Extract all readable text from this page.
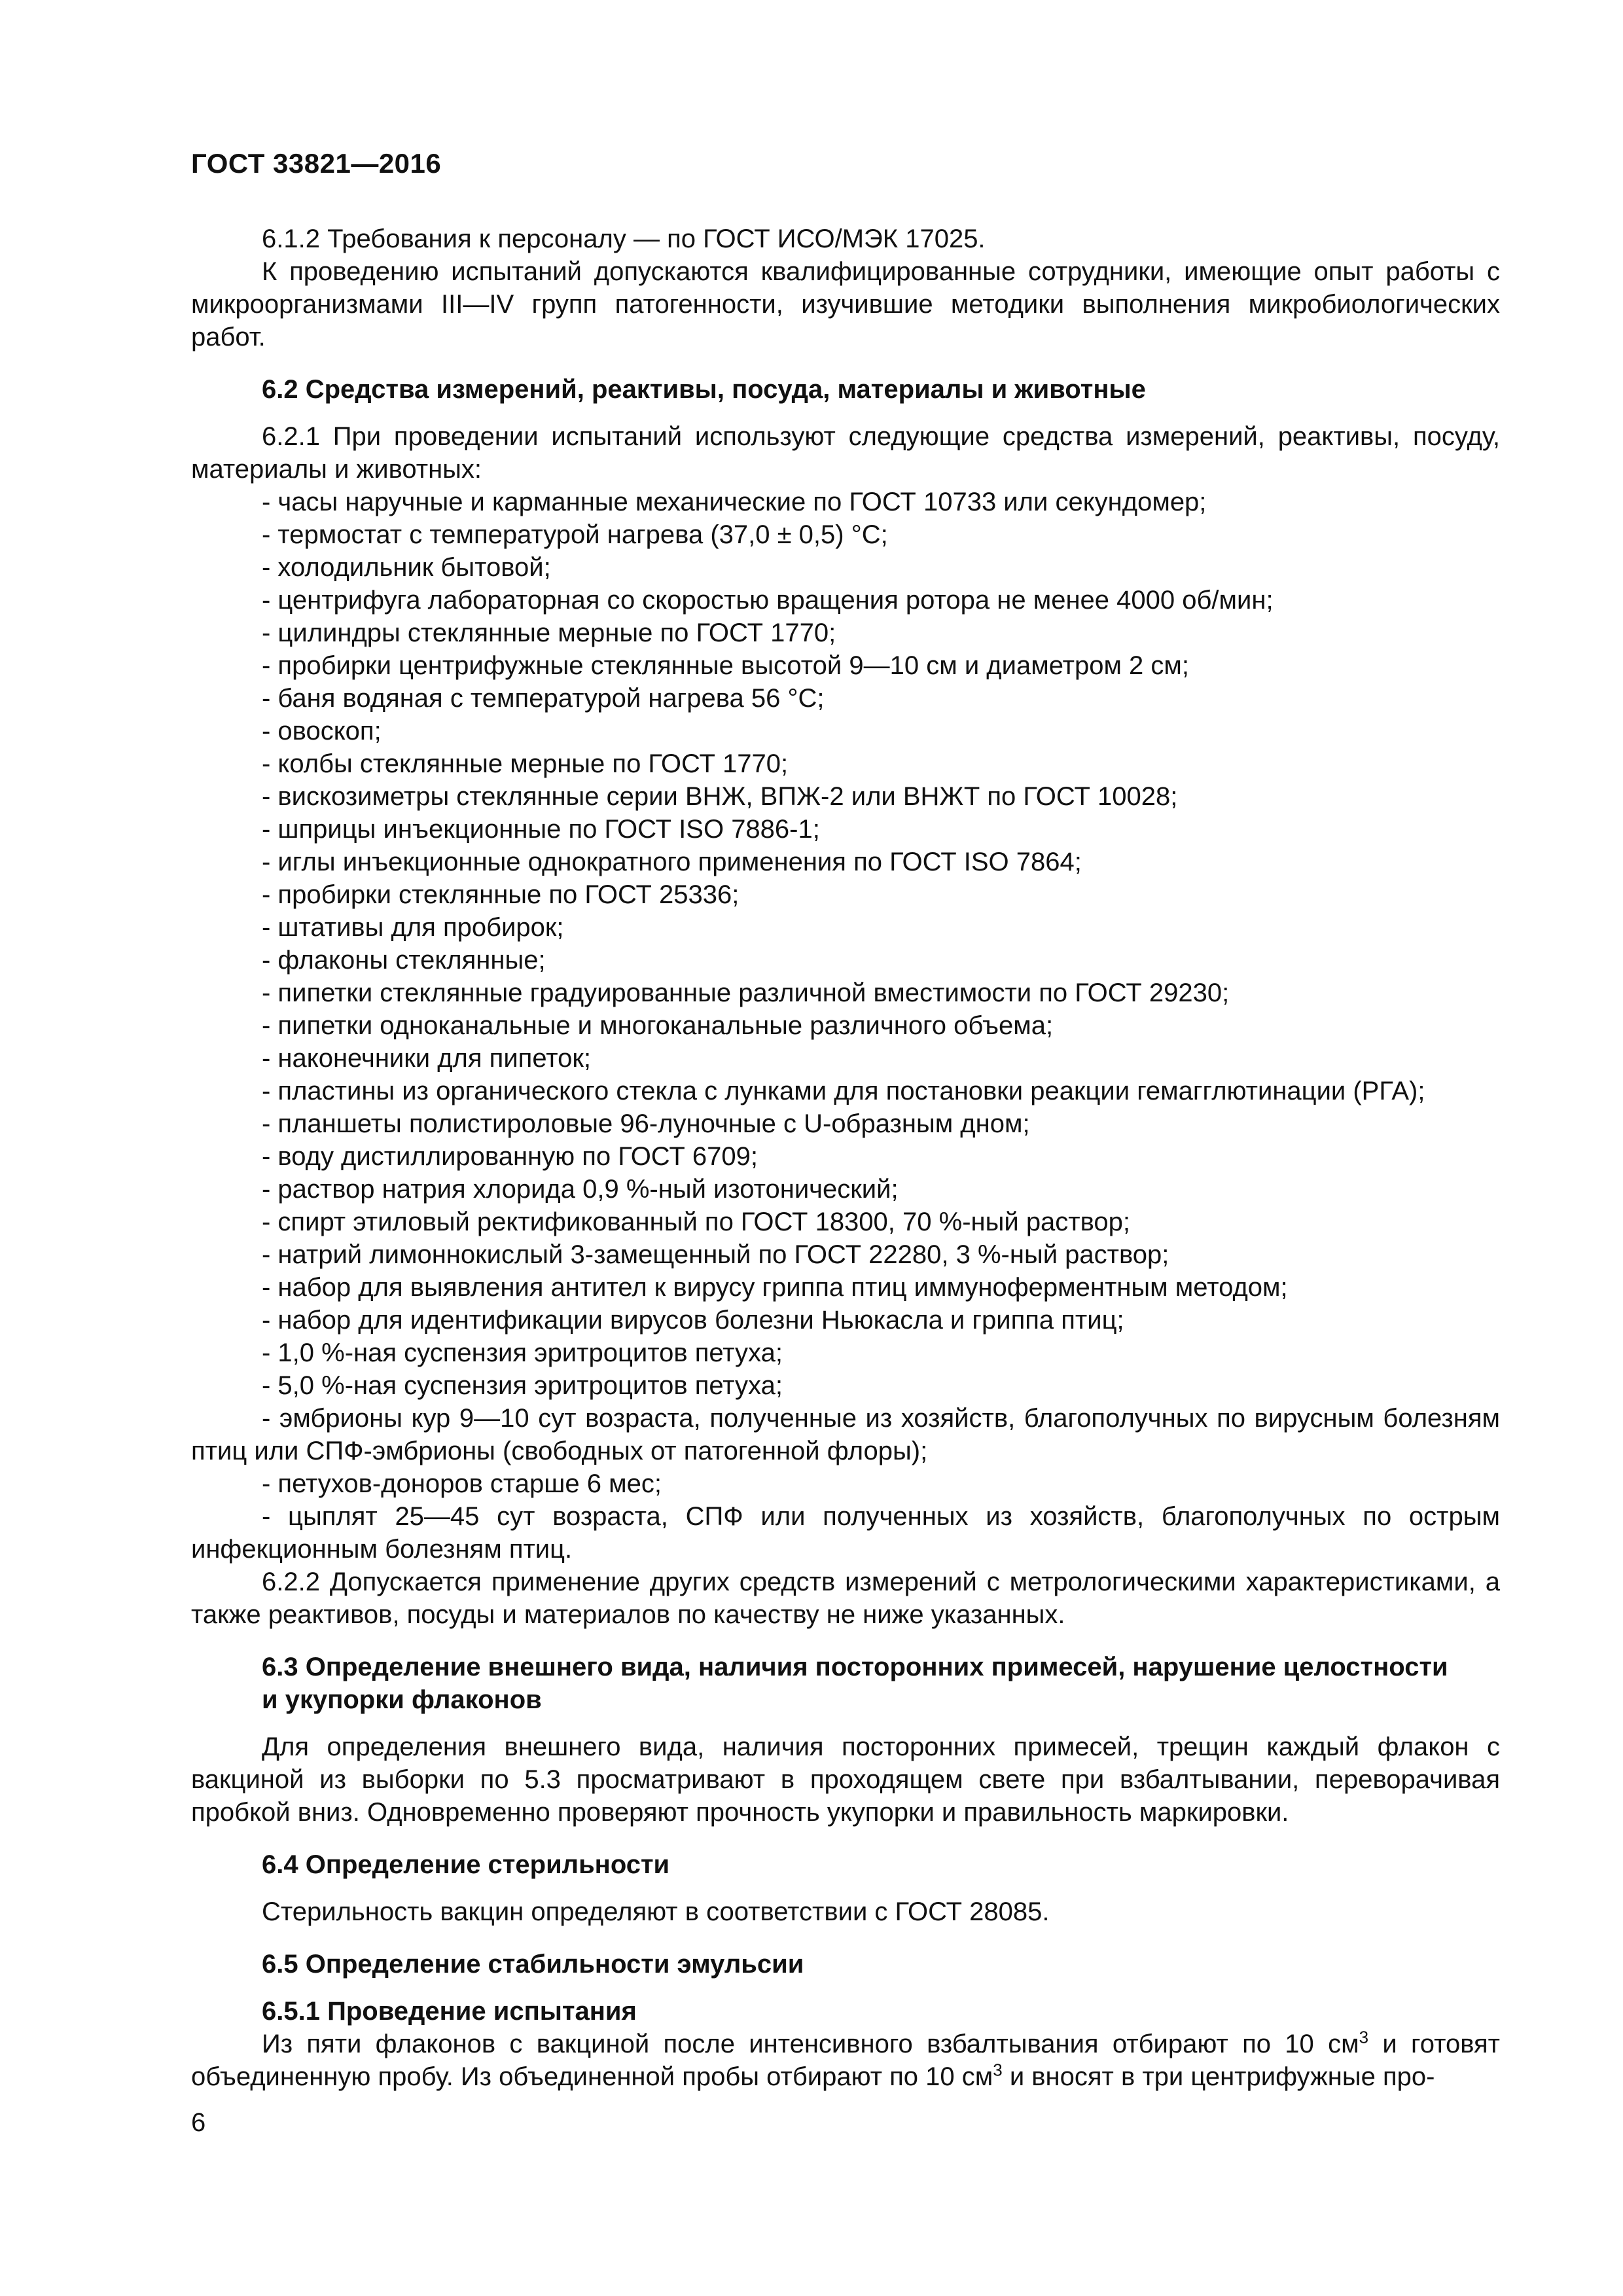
ГОСТ 33821—2016

6.1.2 Требования к персоналу — по ГОСТ ИСО/МЭК 17025.

К проведению испытаний допускаются квалифицированные сотрудники, имеющие опыт работы с микроорганизмами III—IV групп патогенности, изучившие методики выполнения микробиологических работ.

6.2 Средства измерений, реактивы, посуда, материалы и животные

6.2.1 При проведении испытаний используют следующие средства измерений, реактивы, посуду, материалы и животных:

- часы наручные и карманные механические по ГОСТ 10733 или секундомер;
- термостат с температурой нагрева (37,0 ± 0,5) °С;
- холодильник бытовой;
- центрифуга лабораторная со скоростью вращения ротора не менее 4000 об/мин;
- цилиндры стеклянные мерные по ГОСТ 1770;
- пробирки центрифужные стеклянные высотой 9—10 см и диаметром 2 см;
- баня водяная с температурой нагрева 56 °С;
- овоскоп;
- колбы стеклянные мерные по ГОСТ 1770;
- вискозиметры стеклянные серии ВНЖ, ВПЖ-2 или ВНЖТ по ГОСТ 10028;
- шприцы инъекционные по ГОСТ ISO 7886-1;
- иглы инъекционные однократного применения по ГОСТ ISO 7864;
- пробирки стеклянные по ГОСТ 25336;
- штативы для пробирок;
- флаконы стеклянные;
- пипетки стеклянные градуированные различной вместимости по ГОСТ 29230;
- пипетки одноканальные и многоканальные различного объема;
- наконечники для пипеток;
- пластины из органического стекла с лунками для постановки реакции гемагглютинации (РГА);
- планшеты полистироловые 96-луночные с U-образным дном;
- воду дистиллированную по ГОСТ 6709;
- раствор натрия хлорида 0,9 %-ный изотонический;
- спирт этиловый ректификованный по ГОСТ 18300, 70 %-ный раствор;
- натрий лимоннокислый 3-замещенный по ГОСТ 22280, 3 %-ный раствор;
- набор для выявления антител к вирусу гриппа птиц иммуноферментным методом;
- набор для идентификации вирусов болезни Ньюкасла и гриппа птиц;
- 1,0 %-ная суспензия эритроцитов петуха;
- 5,0 %-ная суспензия эритроцитов петуха;
- эмбрионы кур 9—10 сут возраста, полученные из хозяйств, благополучных по вирусным болезням птиц или СПФ-эмбрионы (свободных от патогенной флоры);
- петухов-доноров старше 6 мес;
- цыплят 25—45 сут возраста, СПФ или полученных из хозяйств, благополучных по острым инфекционным болезням птиц.

6.2.2 Допускается применение других средств измерений с метрологическими характеристиками, а также реактивов, посуды и материалов по качеству не ниже указанных.

6.3 Определение внешнего вида, наличия посторонних примесей, нарушение целостности

и укупорки флаконов

Для определения внешнего вида, наличия посторонних примесей, трещин каждый флакон с вакциной из выборки по 5.3 просматривают в проходящем свете при взбалтывании, переворачивая пробкой вниз. Одновременно проверяют прочность укупорки и правильность маркировки.

6.4 Определение стерильности

Стерильность вакцин определяют в соответствии с ГОСТ 28085.

6.5 Определение стабильности эмульсии

6.5.1 Проведение испытания

Из пяти флаконов с вакциной после интенсивного взбалтывания отбирают по 10 $см^3$ и готовят объединенную пробу. Из объединенной пробы отбирают по 10 $см^3$ и вносят в три центрифужные про-

6
